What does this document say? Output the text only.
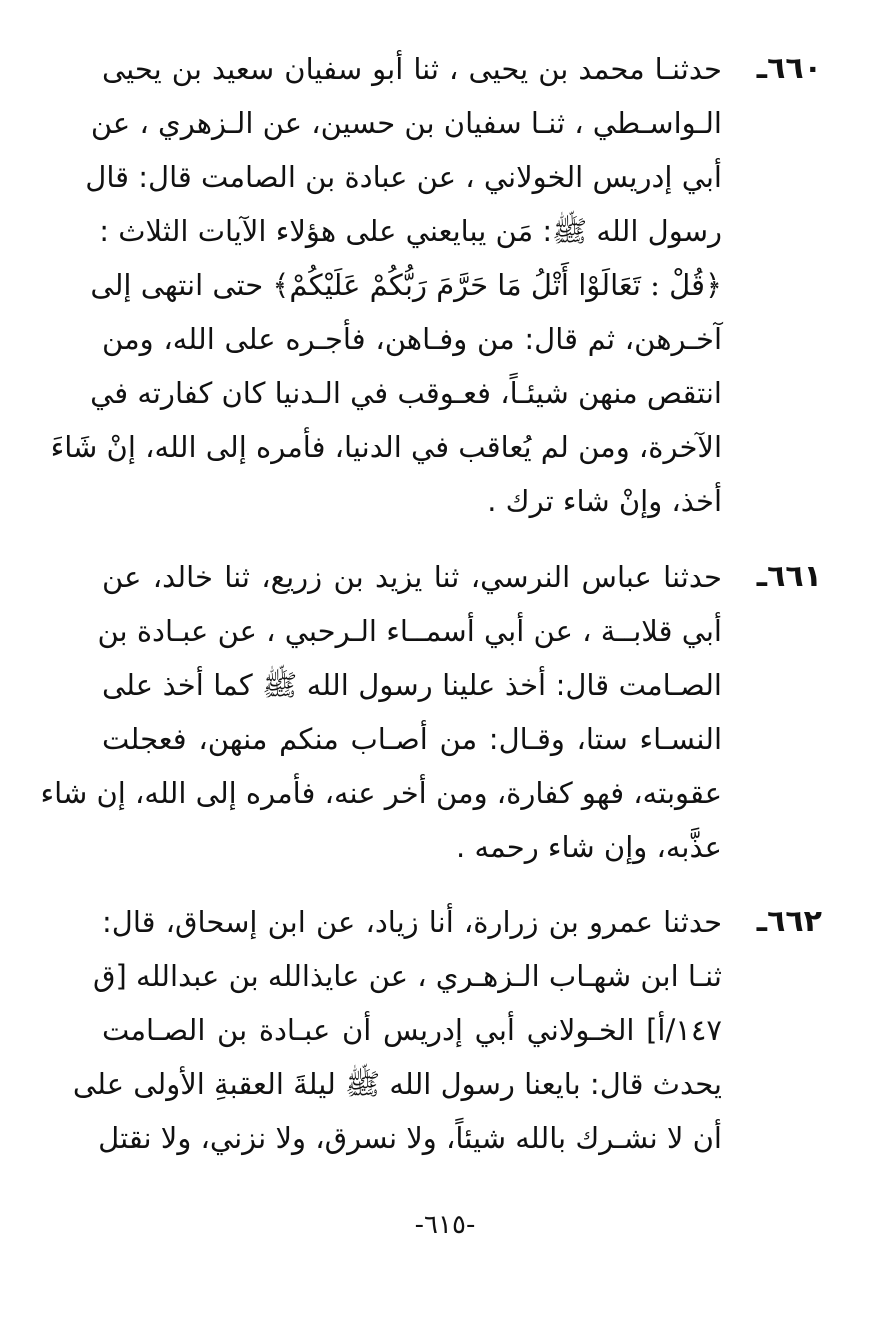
٦٦٠ـ
حدثنـا محمد بن يحيى ، ثنا أبو سفيان سعيد بن يحيى
الـواسـطي ، ثنـا سفيان بن حسين، عن الـزهري ، عن
أبي إدريس الخولاني ، عن عبادة بن الصامت قال: قال
رسول الله ﷺ: مَن يبايعني على هؤلاء الآيات الثلاث :
﴿قُلْ : تَعَالَوْا أَتْلُ مَا حَرَّمَ رَبُّكُمْ عَلَيْكُمْ﴾ حتى انتهى إلى
آخـرهن، ثم قال: من وفـاهن، فأجـره على الله، ومن
انتقص منهن شيئـاً، فعـوقب في الـدنيا كان كفارته في
الآخرة، ومن لم يُعاقب في الدنيا، فأمره إلى الله، إنْ شَاءَ
أخذ، وإنْ شاء ترك .
٦٦١ـ
حدثنا عباس النرسي، ثنا يزيد بن زريع، ثنا خالد، عن
أبي قلابــة ، عن أبي أسمــاء الـرحبي ، عن عبـادة بن
الصـامت قال: أخذ علينا رسول الله ﷺ كما أخذ على
النسـاء ستا، وقـال: من أصـاب منكم منهن، فعجلت
عقوبته، فهو كفارة، ومن أخر عنه، فأمره إلى الله، إن شاء
عذَّبه، وإن شاء رحمه .
٦٦٢ـ
حدثنا عمرو بن زرارة، أنا زياد، عن ابن إسحاق، قال:
ثنـا ابن شهـاب الـزهـري ، عن عايذالله بن عبدالله [ق
١٤٧/أ] الخـولاني أبي إدريس أن عبـادة بن الصـامت
يحدث قال: بايعنا رسول الله ﷺ ليلةَ العقبةِ الأولى على
أن لا نشـرك بالله شيئاً، ولا نسرق، ولا نزني، ولا نقتل
-٦١٥-
